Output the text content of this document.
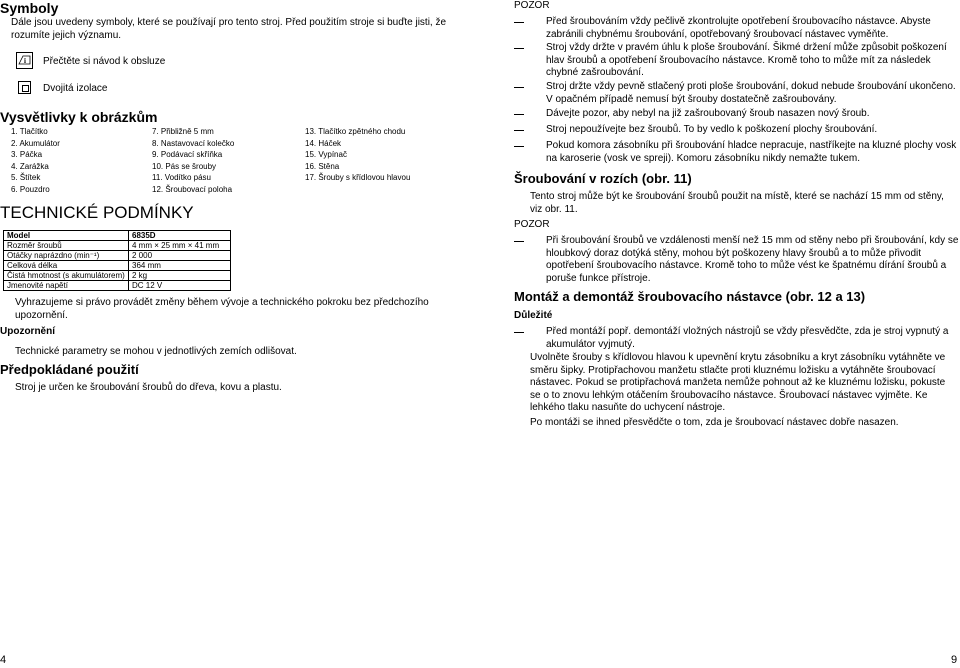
Symboly
Dále jsou uvedeny symboly, které se používají pro tento stroj. Před použitím stroje si buďte jisti, že rozumíte jejich významu.
i Přečtěte si návod k obsluze
Dvojitá izolace
Vysvětlivky k obrázkům
1. Tlačítko
2. Akumulátor
3. Páčka
4. Zarážka
5. Štítek
6. Pouzdro
7. Přibližně 5 mm
8. Nastavovací kolečko
9. Podávací skříňka
10. Pás se šrouby
11. Vodítko pásu
12. Šroubovací poloha
13. Tlačítko zpětného chodu
14. Háček
15. Vypínač
16. Stěna
17. Šrouby s křídlovou hlavou
TECHNICKÉ PODMÍNKY
Model	6835D
Rozměr šroubů	4 mm × 25 mm × 41 mm
Otáčky naprázdno (min⁻¹)	2 000
Celková délka	364 mm
Čistá hmotnost (s akumulátorem)	2 kg
Jmenovité napětí	DC 12 V
Vyhrazujeme si právo provádět změny během vývoje a technického pokroku bez předchozího upozornění.
Upozornění
Technické parametry se mohou v jednotlivých zemích odlišovat.
Předpokládané použití
Stroj je určen ke šroubování šroubů do dřeva, kovu a plastu.
4
POZOR
Před šroubováním vždy pečlivě zkontrolujte opotřebení šroubovacího nástavce. Abyste zabránili chybnému šroubování, opotřebovaný šroubovací nástavec vyměňte.
Stroj vždy držte v pravém úhlu k ploše šroubování. Šikmé držení může způsobit poškození hlav šroubů a opotřebení šroubovacího nástavce. Kromě toho to může mít za následek chybné zašroubování.
Stroj držte vždy pevně stlačený proti ploše šroubování, dokud nebude šroubování ukončeno. V opačném případě nemusí být šrouby dostatečně zašroubovány.
Dávejte pozor, aby nebyl na již zašroubovaný šroub nasazen nový šroub.
Stroj nepoužívejte bez šroubů. To by vedlo k poškození plochy šroubování.
Pokud komora zásobníku při šroubování hladce nepracuje, nastříkejte na kluzné plochy vosk na karoserie (vosk ve spreji). Komoru zásobníku nikdy nemažte tukem.
Šroubování v rozích (obr. 11)
Tento stroj může být ke šroubování šroubů použit na místě, které se nachází 15 mm od stěny, viz obr. 11.
POZOR
Při šroubování šroubů ve vzdálenosti menší než 15 mm od stěny nebo při šroubování, kdy se hloubkový doraz dotýká stěny, mohou být poškozeny hlavy šroubů a to může přivodit opotřebení šroubovacího nástavce. Kromě toho to může vést ke špatnému dírání šroubů a poruše funkce přístroje.
Montáž a demontáž šroubovacího nástavce (obr. 12 a 13)
Důležité
Před montáží popř. demontáží vložných nástrojů se vždy přesvědčte, zda je stroj vypnutý a akumulátor vyjmutý.
Uvolněte šrouby s křídlovou hlavou k upevnění krytu zásobníku a kryt zásobníku vytáhněte ve směru šipky. Protipřachovou manžetu stlačte proti kluznému ložisku a vytáhněte šroubovací nástavec. Pokud se protipřachová manžeta nemůže pohnout až ke kluznému ložisku, pokuste se o to znovu lehkým otáčením šroubovacího nástavce. Šroubovací nástavec vyjměte. Ke lehkého tlaku nasuňte do uchycení nástroje.
Po montáži se ihned přesvědčte o tom, zda je šroubovací nástavec dobře nasazen.
9
